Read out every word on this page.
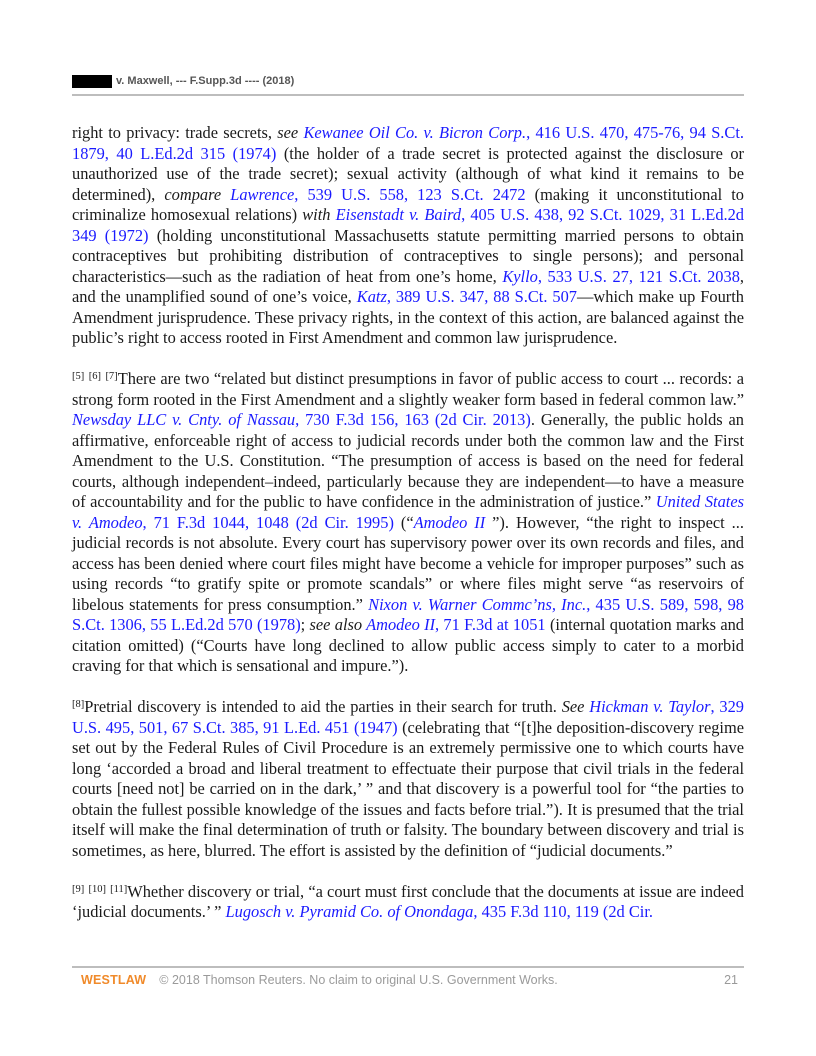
v. Maxwell, --- F.Supp.3d ---- (2018)

right to privacy: trade secrets, see Kewanee Oil Co. v. Bicron Corp., 416 U.S. 470, 475-76, 94 S.Ct. 1879, 40 L.Ed.2d 315 (1974) (the holder of a trade secret is protected against the disclosure or unauthorized use of the trade secret); sexual activity (although of what kind it remains to be determined), compare Lawrence, 539 U.S. 558, 123 S.Ct. 2472 (making it unconstitutional to criminalize homosexual relations) with Eisenstadt v. Baird, 405 U.S. 438, 92 S.Ct. 1029, 31 L.Ed.2d 349 (1972) (holding unconstitutional Massachusetts statute permitting married persons to obtain contraceptives but prohibiting distribution of contraceptives to single persons); and personal characteristics—such as the radiation of heat from one’s home, Kyllo, 533 U.S. 27, 121 S.Ct. 2038, and the unamplified sound of one’s voice, Katz, 389 U.S. 347, 88 S.Ct. 507—which make up Fourth Amendment jurisprudence. These privacy rights, in the context of this action, are balanced against the public’s right to access rooted in First Amendment and common law jurisprudence.

[5] [6] [7]There are two “related but distinct presumptions in favor of public access to court ... records: a strong form rooted in the First Amendment and a slightly weaker form based in federal common law.” Newsday LLC v. Cnty. of Nassau, 730 F.3d 156, 163 (2d Cir. 2013). Generally, the public holds an affirmative, enforceable right of access to judicial records under both the common law and the First Amendment to the U.S. Constitution. “The presumption of access is based on the need for federal courts, although independent–indeed, particularly because they are independent—to have a measure of accountability and for the public to have confidence in the administration of justice.” United States v. Amodeo, 71 F.3d 1044, 1048 (2d Cir. 1995) (“Amodeo II ”). However, “the right to inspect ... judicial records is not absolute. Every court has supervisory power over its own records and files, and access has been denied where court files might have become a vehicle for improper purposes” such as using records “to gratify spite or promote scandals” or where files might serve “as reservoirs of libelous statements for press consumption.” Nixon v. Warner Commc’ns, Inc., 435 U.S. 589, 598, 98 S.Ct. 1306, 55 L.Ed.2d 570 (1978); see also Amodeo II, 71 F.3d at 1051 (internal quotation marks and citation omitted) (“Courts have long declined to allow public access simply to cater to a morbid craving for that which is sensational and impure.”).

[8]Pretrial discovery is intended to aid the parties in their search for truth. See Hickman v. Taylor, 329 U.S. 495, 501, 67 S.Ct. 385, 91 L.Ed. 451 (1947) (celebrating that “[t]he deposition-discovery regime set out by the Federal Rules of Civil Procedure is an extremely permissive one to which courts have long ‘accorded a broad and liberal treatment to effectuate their purpose that civil trials in the federal courts [need not] be carried on in the dark,’ ” and that discovery is a powerful tool for “the parties to obtain the fullest possible knowledge of the issues and facts before trial.”). It is presumed that the trial itself will make the final determination of truth or falsity. The boundary between discovery and trial is sometimes, as here, blurred. The effort is assisted by the definition of “judicial documents.”

[9] [10] [11]Whether discovery or trial, “a court must first conclude that the documents at issue are indeed ‘judicial documents.’ ” Lugosch v. Pyramid Co. of Onondaga, 435 F.3d 110, 119 (2d Cir.

WESTLAW © 2018 Thomson Reuters. No claim to original U.S. Government Works.	21
